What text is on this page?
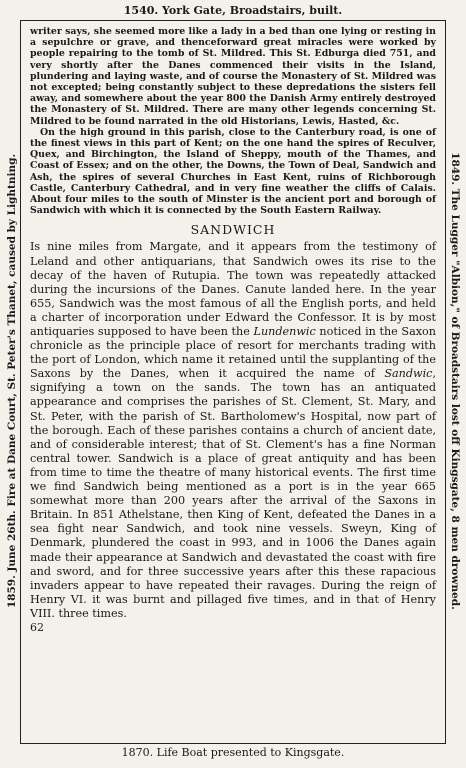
1540. York Gate, Broadstairs, built.
1859. June 26th. Fire at Dane Court, St. Peter's Thanet, caused by Lightning.	1849. The Lugger "Albion," of Broadstairs lost off Kingsgate, 8 men drowned.

writer says, she seemed more like a lady in a bed than one lying or resting in a sepulchre or grave, and thenceforward great miracles were worked by people repairing to the tomb of St. Mildred. This St. Edburga died 751, and very shortly after the Danes commenced their visits in the Island, plundering and laying waste, and of course the Monastery of St. Mildred was not excepted; being constantly subject to these depredations the sisters fell away, and somewhere about the year 800 the Danish Army entirely destroyed the Monastery of St. Mildred. There are many other legends concerning St. Mildred to be found narrated in the old Historians, Lewis, Hasted, &c.

On the high ground in this parish, close to the Canterbury road, is one of the finest views in this part of Kent; on the one hand the spires of Reculver, Quex, and Birchington, the Island of Sheppy, mouth of the Thames, and Coast of Essex; and on the other, the Downs, the Town of Deal, Sandwich and Ash, the spires of several Churches in East Kent, ruins of Richborough Castle, Canterbury Cathedral, and in very fine weather the cliffs of Calais. About four miles to the south of Minster is the ancient port and borough of Sandwich with which it is connected by the South Eastern Railway.

SANDWICH

Is nine miles from Margate, and it appears from the testimony of Leland and other antiquarians, that Sandwich owes its rise to the decay of the haven of Rutupia. The town was repeatedly attacked during the incursions of the Danes. Canute landed here. In the year 655, Sandwich was the most famous of all the English ports, and held a charter of incorporation under Edward the Confessor. It is by most antiquaries supposed to have been the Lundenwic noticed in the Saxon chronicle as the principle place of resort for merchants trading with the port of London, which name it retained until the supplanting of the Saxons by the Danes, when it acquired the name of Sandwic, signifying a town on the sands. The town has an antiquated appearance and comprises the parishes of St. Clement, St. Mary, and St. Peter, with the parish of St. Bartholomew's Hospital, now part of the borough. Each of these parishes contains a church of ancient date, and of considerable interest; that of St. Clement's has a fine Norman central tower. Sandwich is a place of great antiquity and has been from time to time the theatre of many historical events. The first time we find Sandwich being mentioned as a port is in the year 665 somewhat more than 200 years after the arrival of the Saxons in Britain. In 851 Athelstane, then King of Kent, defeated the Danes in a sea fight near Sandwich, and took nine vessels. Sweyn, King of Denmark, plundered the coast in 993, and in 1006 the Danes again made their appearance at Sandwich and devastated the coast with fire and sword, and for three successive years after this these rapacious invaders appear to have repeated their ravages. During the reign of Henry VI. it was burnt and pillaged five times, and in that of Henry VIII. three times.

62
1870. Life Boat presented to Kingsgate.
